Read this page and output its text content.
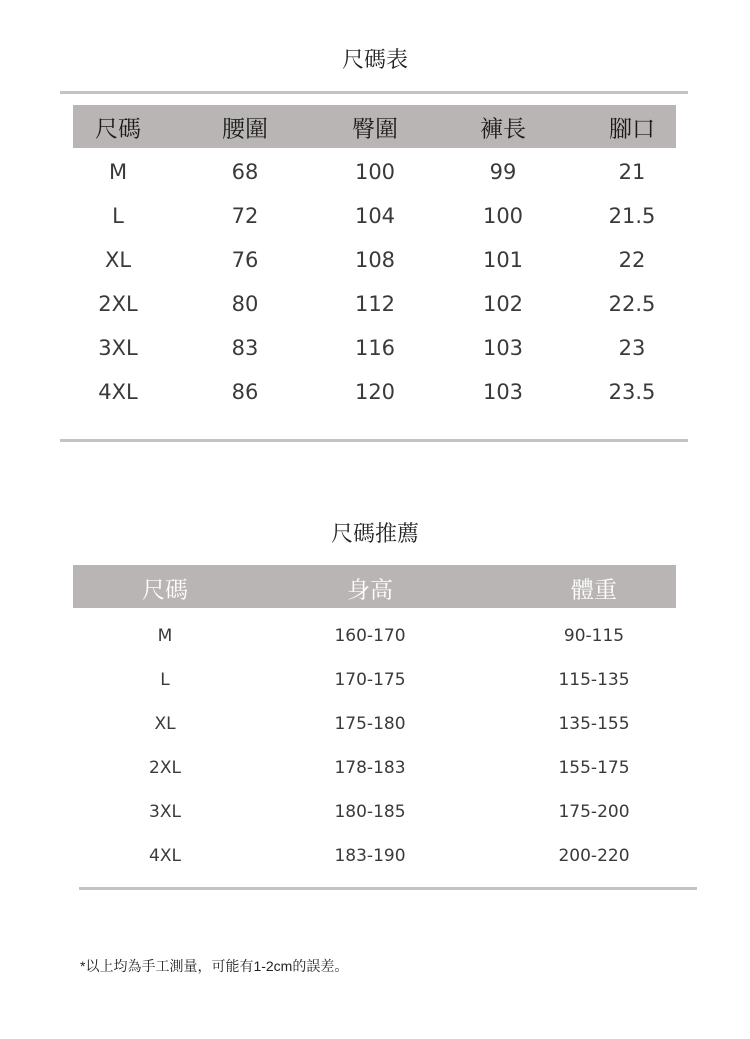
尺碼表
尺碼	腰圍	臀圍	褲長	腳口
M	68	100	99	21
L	72	104	100	21.5
XL	76	108	101	22
2XL	80	112	102	22.5
3XL	83	116	103	23
4XL	86	120	103	23.5
尺碼推薦
尺碼	身高	體重
M	160-170	90-115
L	170-175	115-135
XL	175-180	135-155
2XL	178-183	155-175
3XL	180-185	175-200
4XL	183-190	200-220
*以上均為手工測量，可能有1-2cm的誤差。
